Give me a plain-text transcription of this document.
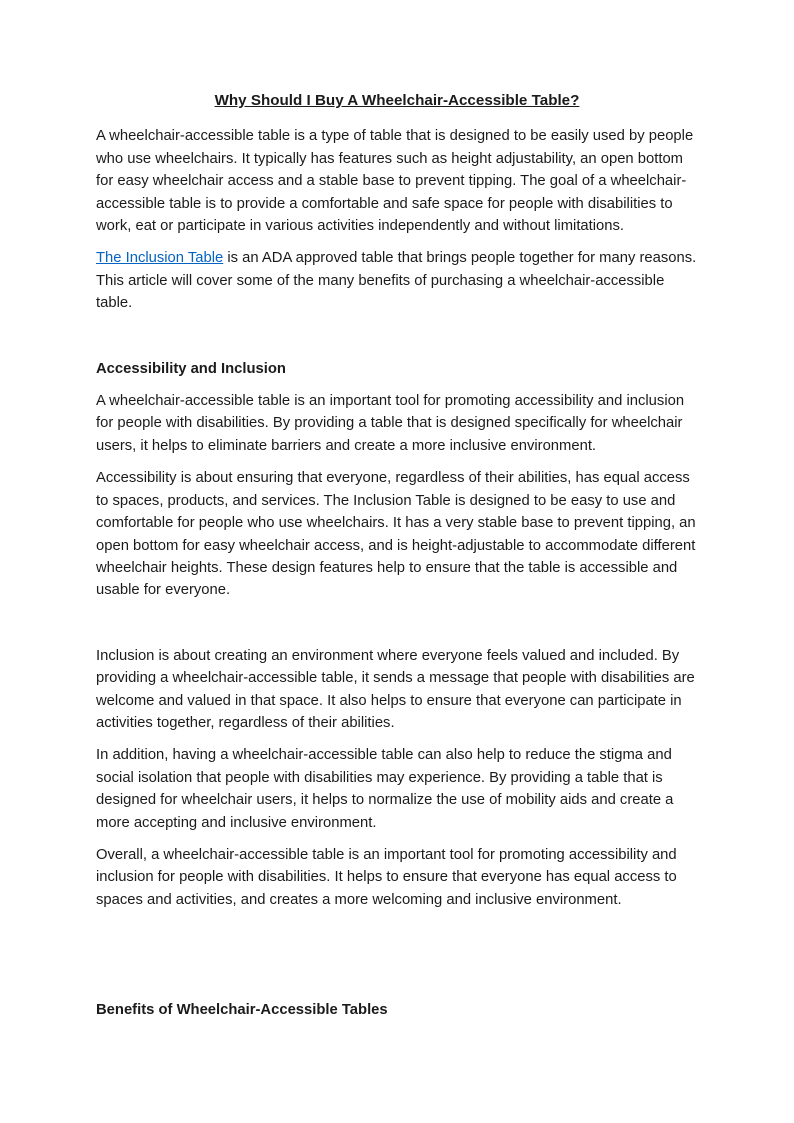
Why Should I Buy A Wheelchair-Accessible Table?

A wheelchair-accessible table is a type of table that is designed to be easily used by people who use wheelchairs. It typically has features such as height adjustability, an open bottom for easy wheelchair access and a stable base to prevent tipping. The goal of a wheelchair-accessible table is to provide a comfortable and safe space for people with disabilities to work, eat or participate in various activities independently and without limitations.

The Inclusion Table is an ADA approved table that brings people together for many reasons. This article will cover some of the many benefits of purchasing a wheelchair-accessible table.

Accessibility and Inclusion

A wheelchair-accessible table is an important tool for promoting accessibility and inclusion for people with disabilities. By providing a table that is designed specifically for wheelchair users, it helps to eliminate barriers and create a more inclusive environment.

Accessibility is about ensuring that everyone, regardless of their abilities, has equal access to spaces, products, and services. The Inclusion Table is designed to be easy to use and comfortable for people who use wheelchairs. It has a very stable base to prevent tipping, an open bottom for easy wheelchair access, and is height-adjustable to accommodate different wheelchair heights. These design features help to ensure that the table is accessible and usable for everyone.

Inclusion is about creating an environment where everyone feels valued and included. By providing a wheelchair-accessible table, it sends a message that people with disabilities are welcome and valued in that space. It also helps to ensure that everyone can participate in activities together, regardless of their abilities.

In addition, having a wheelchair-accessible table can also help to reduce the stigma and social isolation that people with disabilities may experience. By providing a table that is designed for wheelchair users, it helps to normalize the use of mobility aids and create a more accepting and inclusive environment.

Overall, a wheelchair-accessible table is an important tool for promoting accessibility and inclusion for people with disabilities. It helps to ensure that everyone has equal access to spaces and activities, and creates a more welcoming and inclusive environment.

Benefits of Wheelchair-Accessible Tables
